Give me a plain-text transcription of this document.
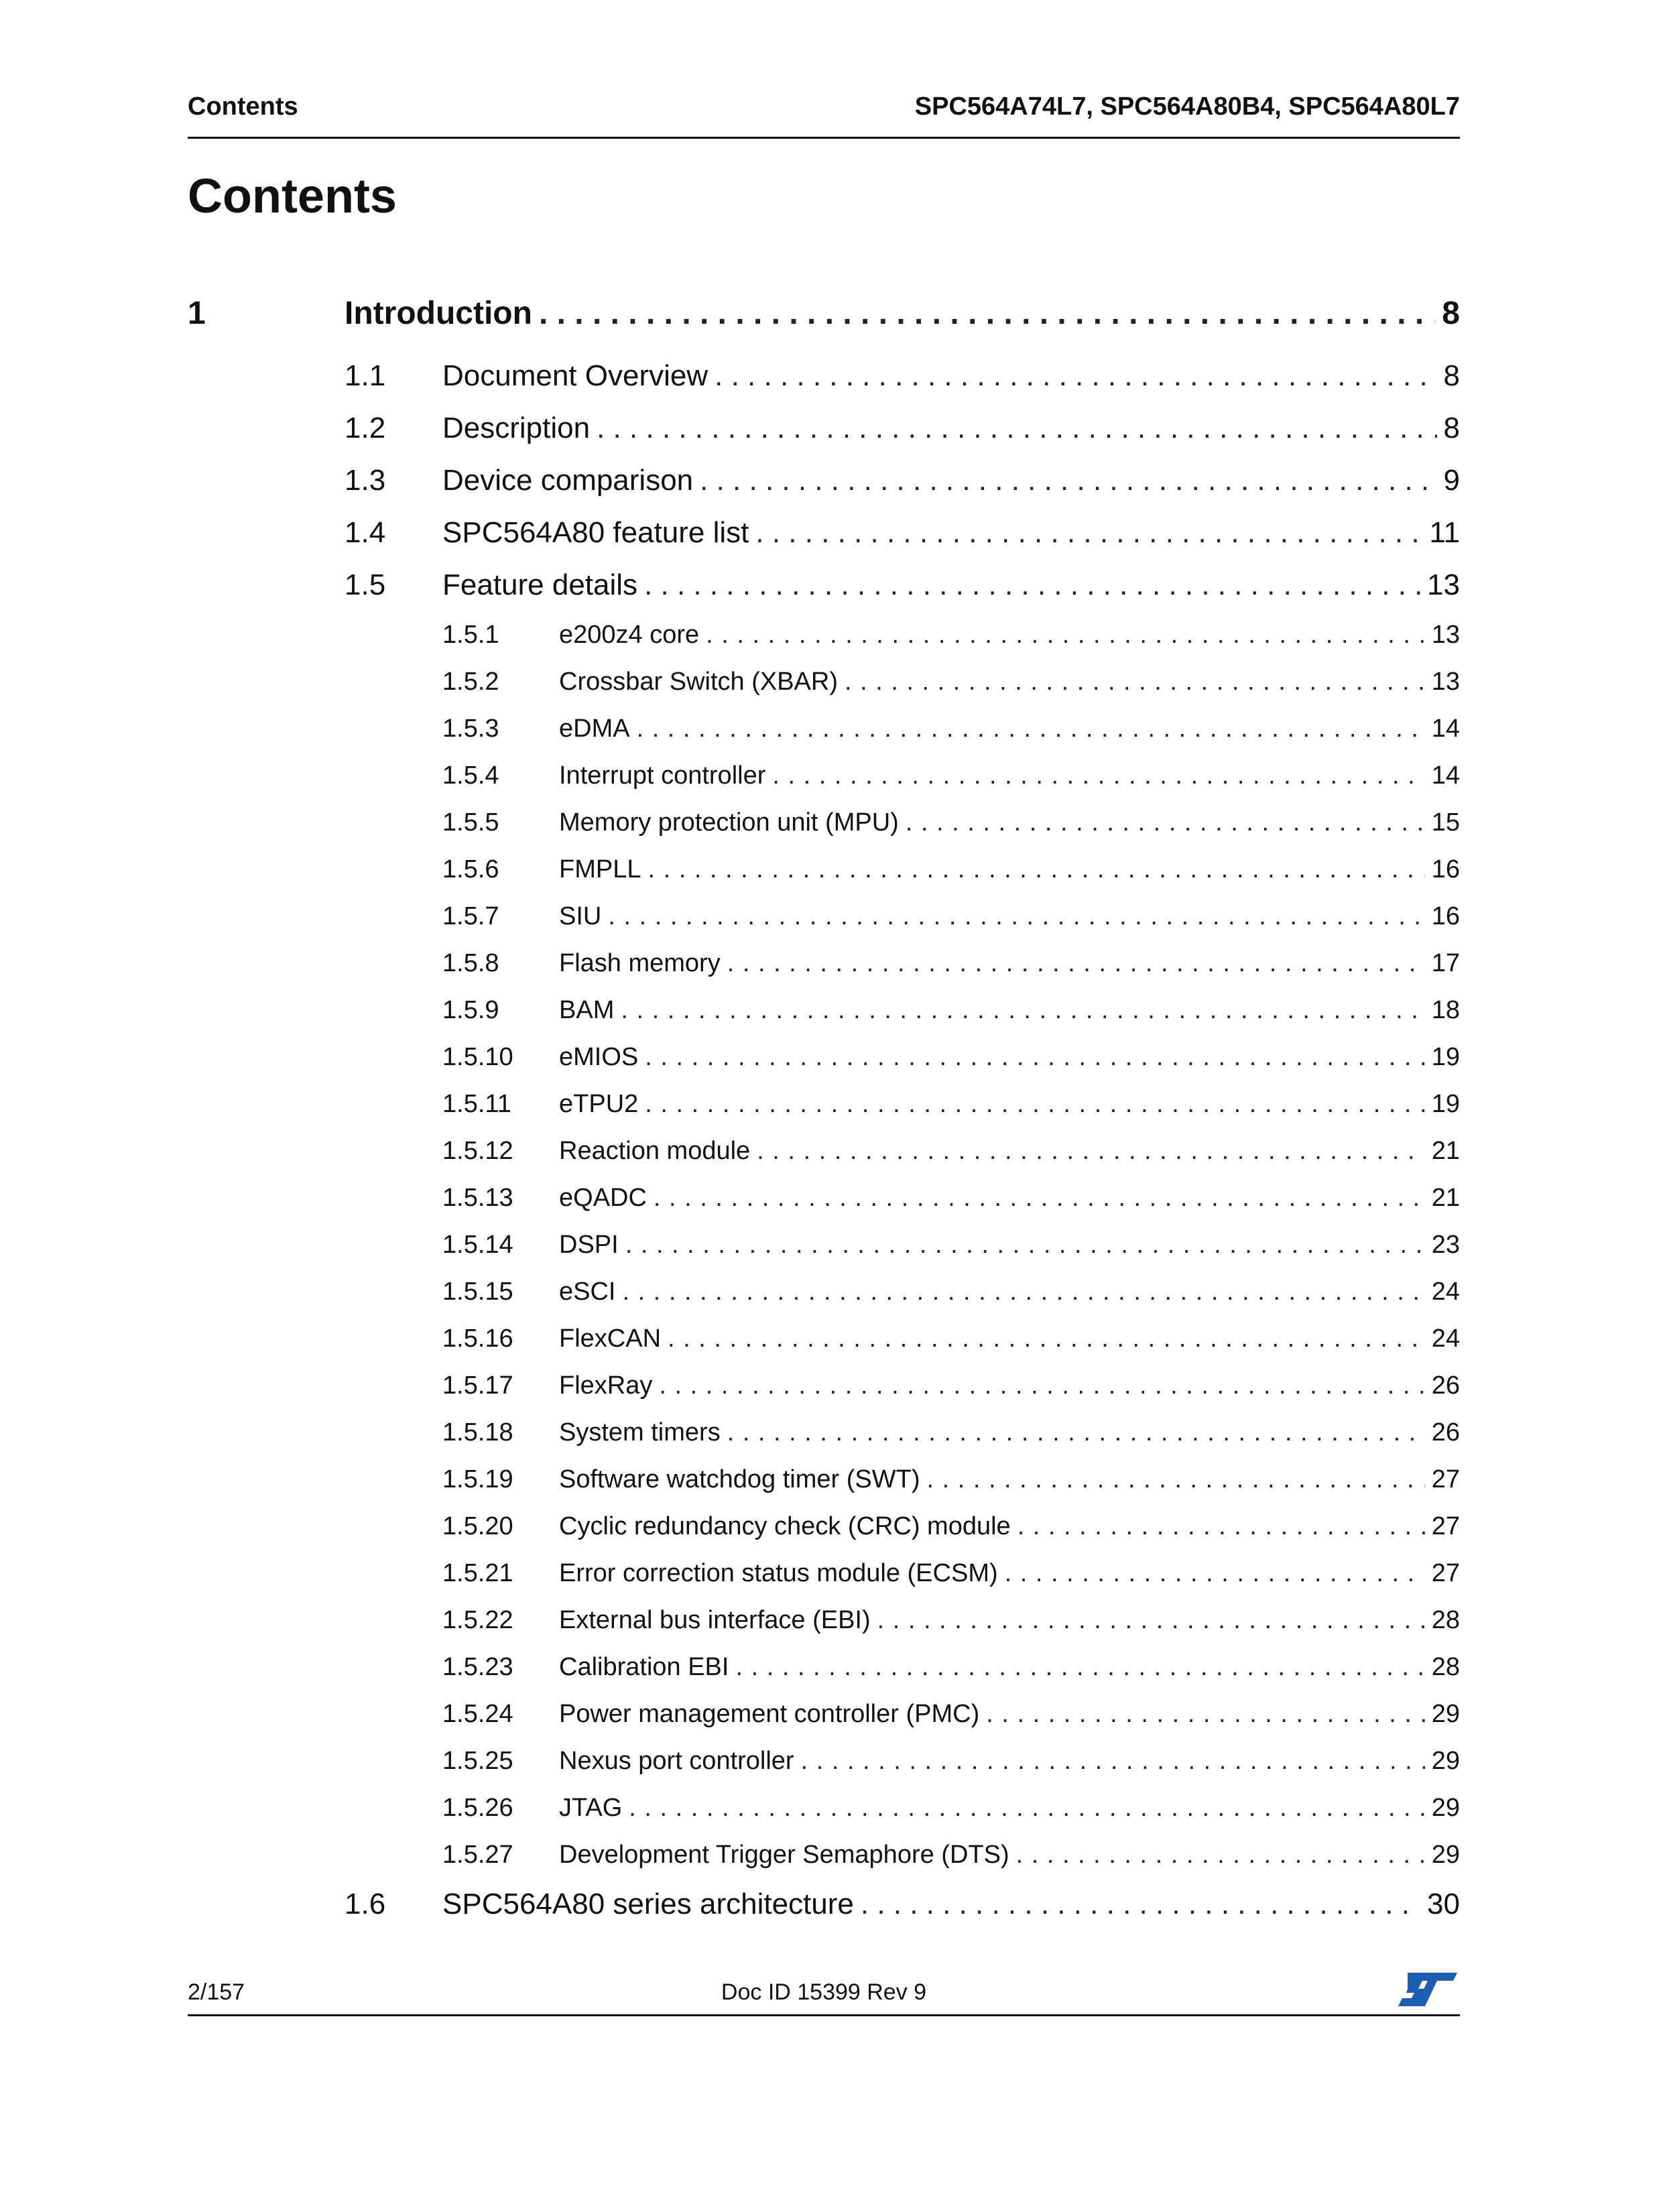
Contents	SPC564A74L7, SPC564A80B4, SPC564A80L7
Contents
1	Introduction . . .	8
1.1	Document Overview . . .	8
1.2	Description . . .	8
1.3	Device comparison . . .	9
1.4	SPC564A80 feature list . . .	11
1.5	Feature details . . .	13
1.5.1	e200z4 core . . .	13
1.5.2	Crossbar Switch (XBAR) . . .	13
1.5.3	eDMA . . .	14
1.5.4	Interrupt controller . . .	14
1.5.5	Memory protection unit (MPU) . . .	15
1.5.6	FMPLL . . .	16
1.5.7	SIU . . .	16
1.5.8	Flash memory . . .	17
1.5.9	BAM . . .	18
1.5.10	eMIOS . . .	19
1.5.11	eTPU2 . . .	19
1.5.12	Reaction module . . .	21
1.5.13	eQADC . . .	21
1.5.14	DSPI . . .	23
1.5.15	eSCI . . .	24
1.5.16	FlexCAN . . .	24
1.5.17	FlexRay . . .	26
1.5.18	System timers . . .	26
1.5.19	Software watchdog timer (SWT) . . .	27
1.5.20	Cyclic redundancy check (CRC) module . . .	27
1.5.21	Error correction status module (ECSM) . . .	27
1.5.22	External bus interface (EBI) . . .	28
1.5.23	Calibration EBI . . .	28
1.5.24	Power management controller (PMC) . . .	29
1.5.25	Nexus port controller . . .	29
1.5.26	JTAG . . .	29
1.5.27	Development Trigger Semaphore (DTS) . . .	29
1.6	SPC564A80 series architecture . . .	30
2/157	Doc ID 15399 Rev 9
